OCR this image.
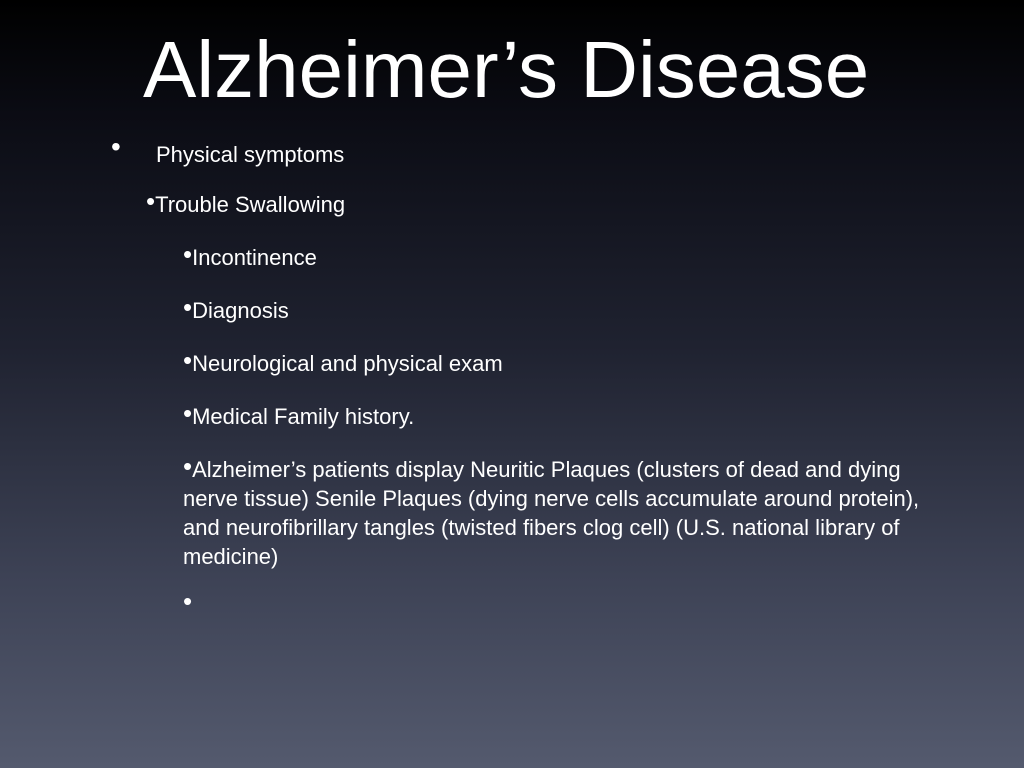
Alzheimer’s Disease
• Physical symptoms
•Trouble Swallowing
•Incontinence
•Diagnosis
•Neurological and physical exam
•Medical Family history.
•Alzheimer’s patients display Neuritic Plaques (clusters of dead and dying nerve tissue) Senile Plaques (dying nerve cells accumulate around protein), and neurofibrillary tangles (twisted fibers clog cell) (U.S. national library of medicine)
•
